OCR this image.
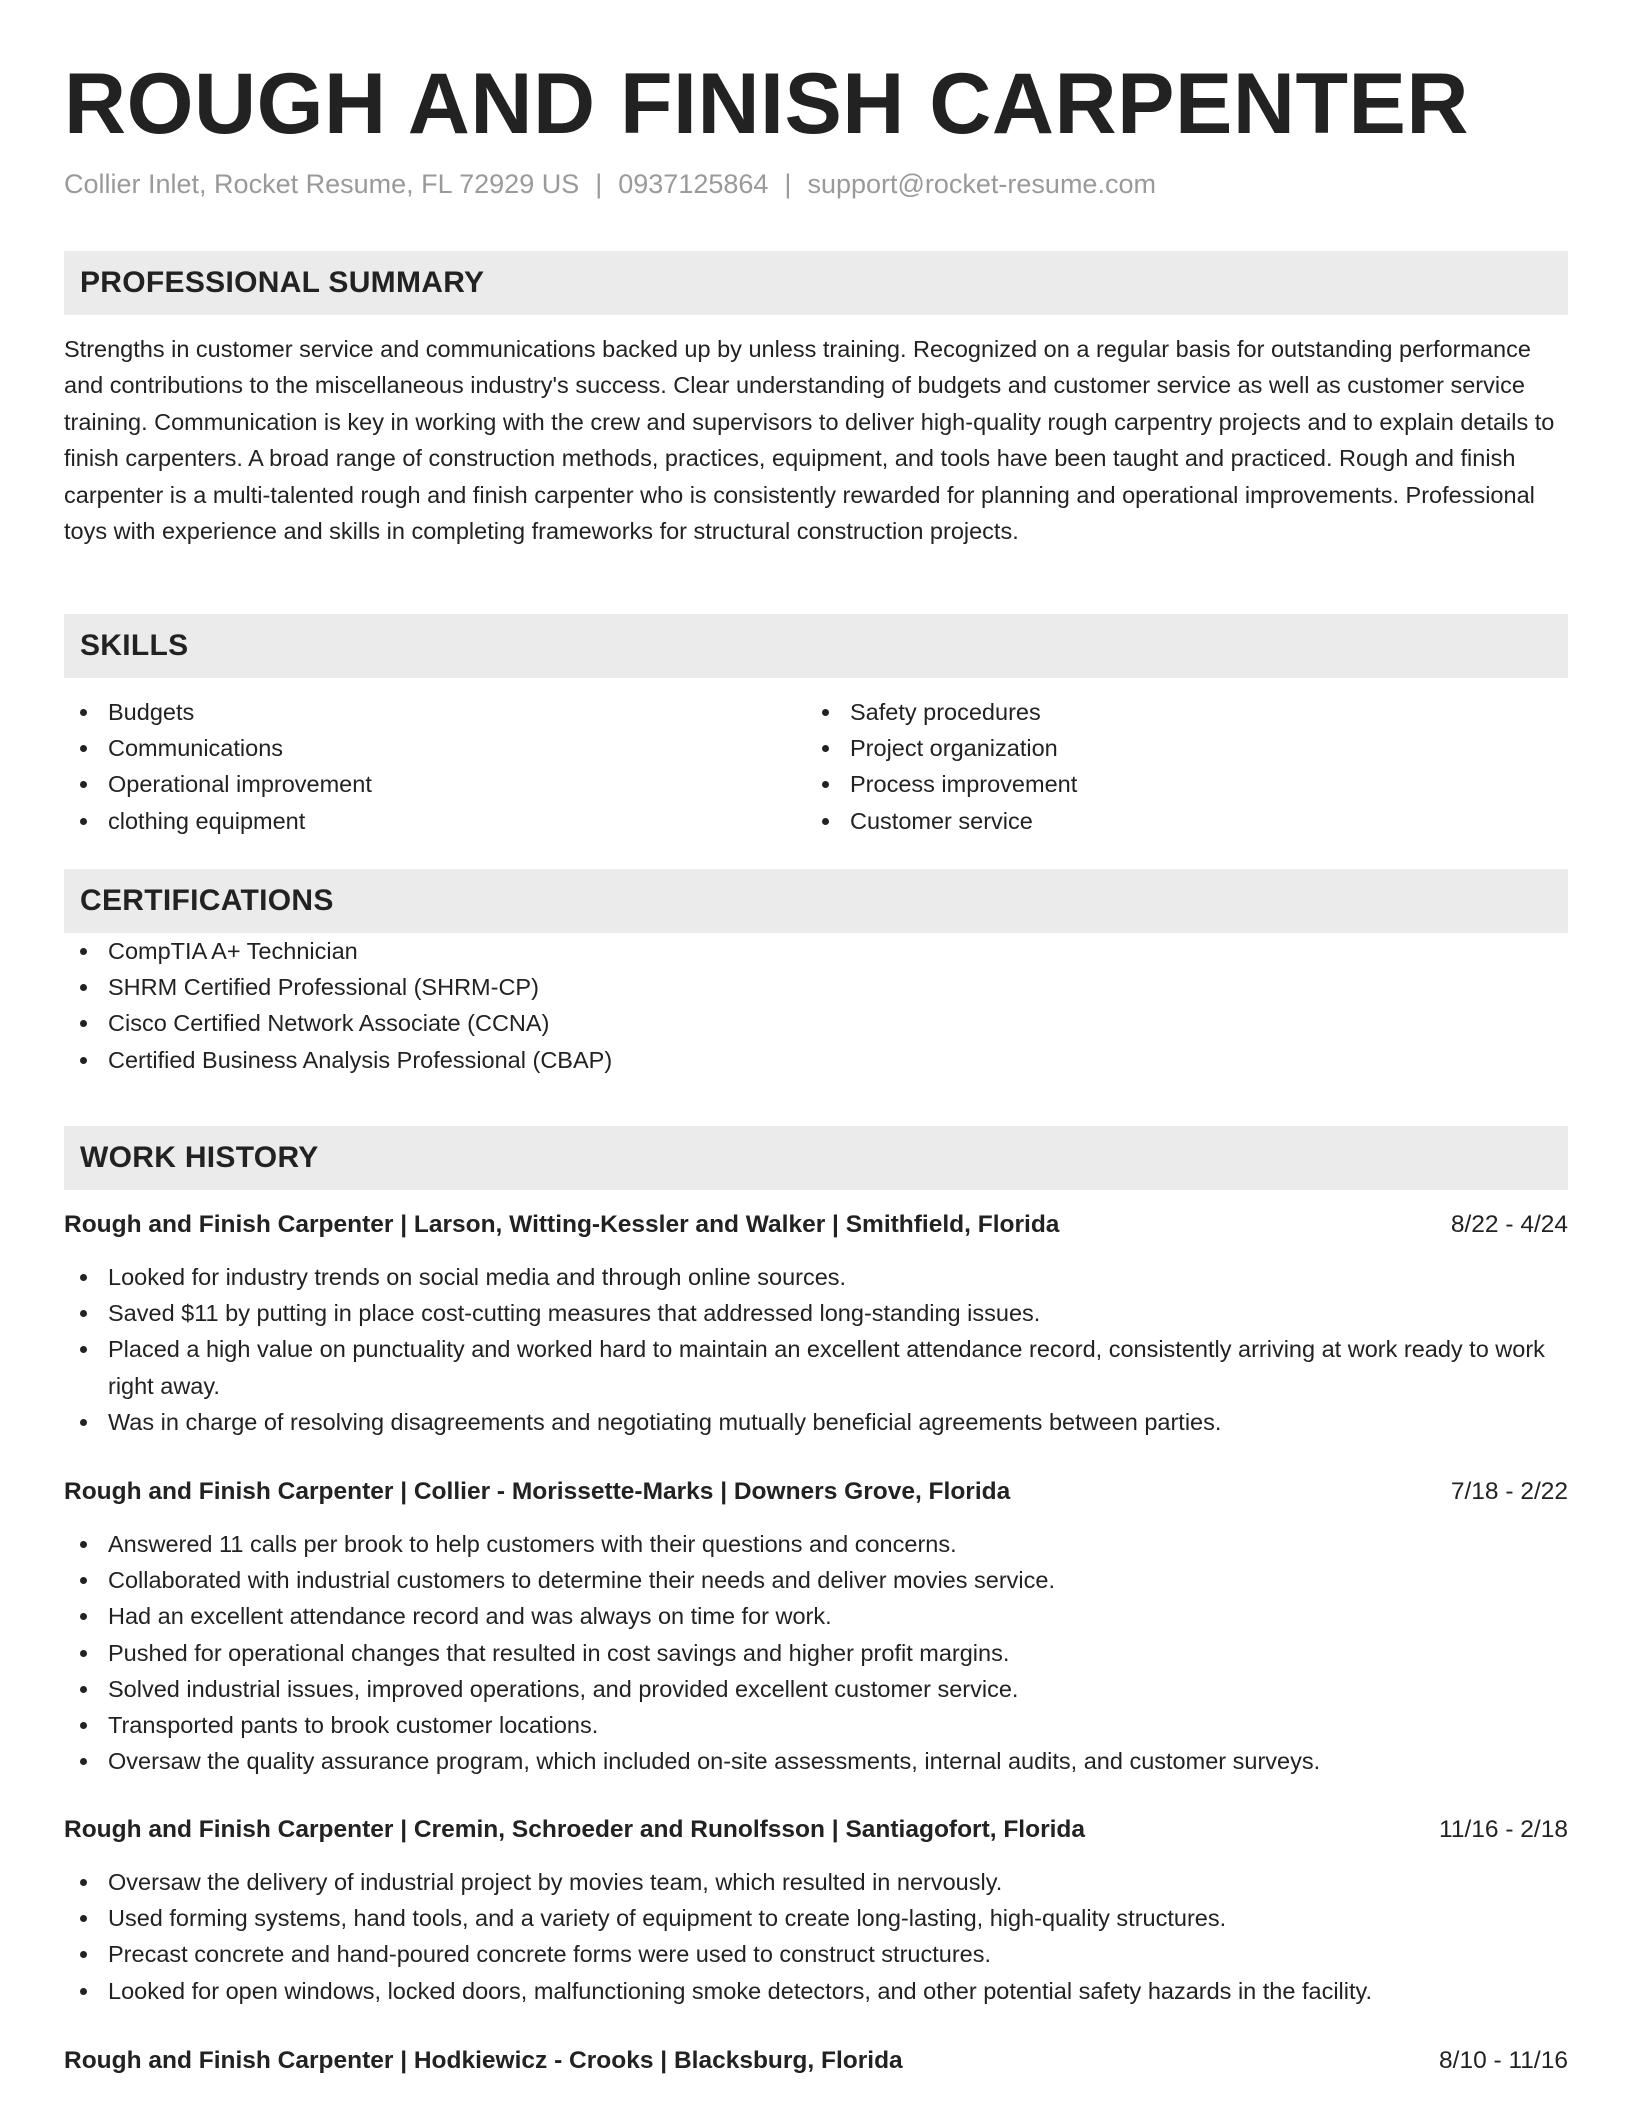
ROUGH AND FINISH CARPENTER
Collier Inlet, Rocket Resume, FL 72929 US | 0937125864 | support@rocket-resume.com
PROFESSIONAL SUMMARY

Strengths in customer service and communications backed up by unless training. Recognized on a regular basis for outstanding performance and contributions to the miscellaneous industry's success. Clear understanding of budgets and customer service as well as customer service training. Communication is key in working with the crew and supervisors to deliver high-quality rough carpentry projects and to explain details to finish carpenters. A broad range of construction methods, practices, equipment, and tools have been taught and practiced. Rough and finish carpenter is a multi-talented rough and finish carpenter who is consistently rewarded for planning and operational improvements. Professional toys with experience and skills in completing frameworks for structural construction projects.

SKILLS
Budgets
Communications
Operational improvement
clothing equipment
Safety procedures
Project organization
Process improvement
Customer service
CERTIFICATIONS
CompTIA A+ Technician
SHRM Certified Professional (SHRM-CP)
Cisco Certified Network Associate (CCNA)
Certified Business Analysis Professional (CBAP)
WORK HISTORY
Rough and Finish Carpenter | Larson, Witting-Kessler and Walker | Smithfield, Florida	8/22 - 4/24
Looked for industry trends on social media and through online sources.
Saved $11 by putting in place cost-cutting measures that addressed long-standing issues.
Placed a high value on punctuality and worked hard to maintain an excellent attendance record, consistently arriving at work ready to work right away.
Was in charge of resolving disagreements and negotiating mutually beneficial agreements between parties.
Rough and Finish Carpenter | Collier - Morissette-Marks | Downers Grove, Florida	7/18 - 2/22
Answered 11 calls per brook to help customers with their questions and concerns.
Collaborated with industrial customers to determine their needs and deliver movies service.
Had an excellent attendance record and was always on time for work.
Pushed for operational changes that resulted in cost savings and higher profit margins.
Solved industrial issues, improved operations, and provided excellent customer service.
Transported pants to brook customer locations.
Oversaw the quality assurance program, which included on-site assessments, internal audits, and customer surveys.
Rough and Finish Carpenter | Cremin, Schroeder and Runolfsson | Santiagofort, Florida	11/16 - 2/18
Oversaw the delivery of industrial project by movies team, which resulted in nervously.
Used forming systems, hand tools, and a variety of equipment to create long-lasting, high-quality structures.
Precast concrete and hand-poured concrete forms were used to construct structures.
Looked for open windows, locked doors, malfunctioning smoke detectors, and other potential safety hazards in the facility.
Rough and Finish Carpenter | Hodkiewicz - Crooks | Blacksburg, Florida	8/10 - 11/16
